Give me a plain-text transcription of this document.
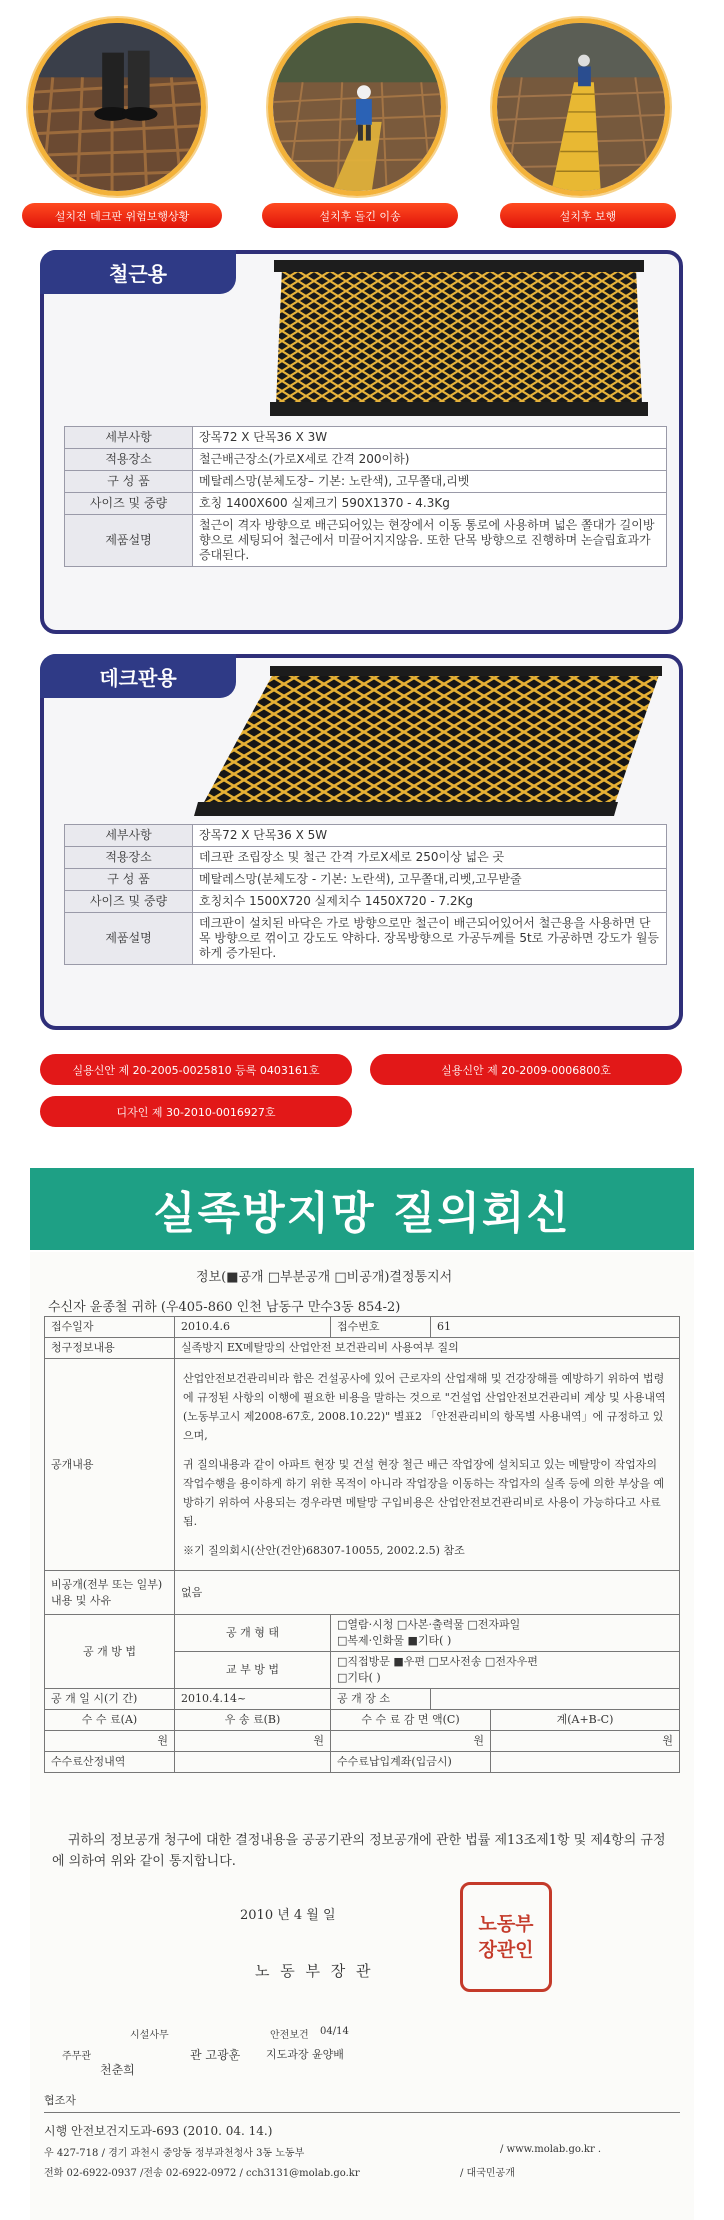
설치전 데크판 위험보행상황	설치후 돌긴 이송	설치후 보행
철근용
세부사항	장목72 X 단목36 X 3W
적용장소	철근배근장소(가로X세로 간격 200이하)
구 성 품	메탈레스망(분체도장– 기본: 노란색), 고무쫄대,리벳
사이즈 및 중량	호칭 1400X600 실제크기 590X1370 - 4.3Kg
제품설명	철근이 격자 방향으로 배근되어있는 현장에서 이동 통로에 사용하며 넓은 쫄대가 길이방향으로 세팅되어 철근에서 미끌어지지않음. 또한 단목 방향으로 진행하며 논슬립효과가 증대된다.
데크판용
세부사항	장목72 X 단목36 X 5W
적용장소	데크판 조립장소 및 철근 간격 가로X세로 250이상 넓은 곳
구 성 품	메탈레스망(분체도장 - 기본: 노란색), 고무쫄대,리벳,고무받줄
사이즈 및 중량	호칭치수 1500X720 실제치수 1450X720 - 7.2Kg
제품설명	데크판이 설치된 바닥은 가로 방향으로만 철근이 배근되어있어서 철근용을 사용하면 단목 방향으로 꺾이고 강도도 약하다. 장목방향으로 가공두께를 5t로 가공하면 강도가 월등하게 증가된다.
실용신안 제 20-2005-0025810 등록 0403161호	실용신안 제 20-2009-0006800호
디자인 제 30-2010-0016927호
실족방지망 질의회신
정보(■공개 □부분공개 □비공개)결정통지서
수신자 윤종철 귀하 (우405-860 인천 남동구 만수3동 854-2)
접수일자	2010.4.6	접수번호	61	
청구정보내용	실족방지 EX메탈망의 산업안전 보건관리비 사용여부 질의			
공개내용	산업안전보건관리비라 함은 건설공사에 있어 근로자의 산업재해 및 건강장해를 예방하기 위하여 법령에 규정된 사항의 이행에 필요한 비용을 말하는 것으로 "건설업 산업안전보건관리비 계상 및 사용내역(노동부고시 제2008-67호, 2008.10.22)" 별표2 「안전관리비의 항목별 사용내역」에 규정하고 있으며,
귀 질의내용과 같이 아파트 현장 및 건설 현장 철근 배근 작업장에 설치되고 있는 메탈망이 작업자의 작업수행을 용이하게 하기 위한 목적이 아니라 작업장을 이동하는 작업자의 실족 등에 의한 부상을 예방하기 위하여 사용되는 경우라면 메탈망 구입비용은 산업안전보건관리비로 사용이 가능하다고 사료됨.
※기 질의회시(산안(건안)68307-10055, 2002.2.5) 참조			

비공개(전부 또는 일부) 내용 및 사유	없음			
공 개 방 법	공 개 형 태	□열람·시청 □사본·출력물 □전자파일
□복제·인화물 ■기타( )		

	교 부 방 법	□직접방문 ■우편 □모사전송 □전자우편
□기타( )		

공 개 일 시(기 간)	2010.4.14~	공 개 장 소		
수 수 료(A)	우 송 료(B)	수 수 료 감 면 액(C)		계(A+B-C)
원	원	원		원
수수료산정내역		수수료납입계좌(입금시)		
귀하의 정보공개 청구에 대한 결정내용을 공공기관의 정보공개에 관한 법률 제13조제1항 및 제4항의 규정에 의하여 위와 같이 통지합니다.
2010 년 4 월 일
노 동 부 장 관
노동부장관인
시설사무	안전보건 04/14
주무관
천춘희
관 고광훈 지도과장 윤양배
협조자
시행 안전보건지도과-693 (2010. 04. 14.)
우 427-718 / 경기 과천시 중앙동 정부과천청사 3동 노동부	/ www.molab.go.kr .
전화 02-6922-0937 /전송 02-6922-0972 / cch3131@molab.go.kr	/ 대국민공개
